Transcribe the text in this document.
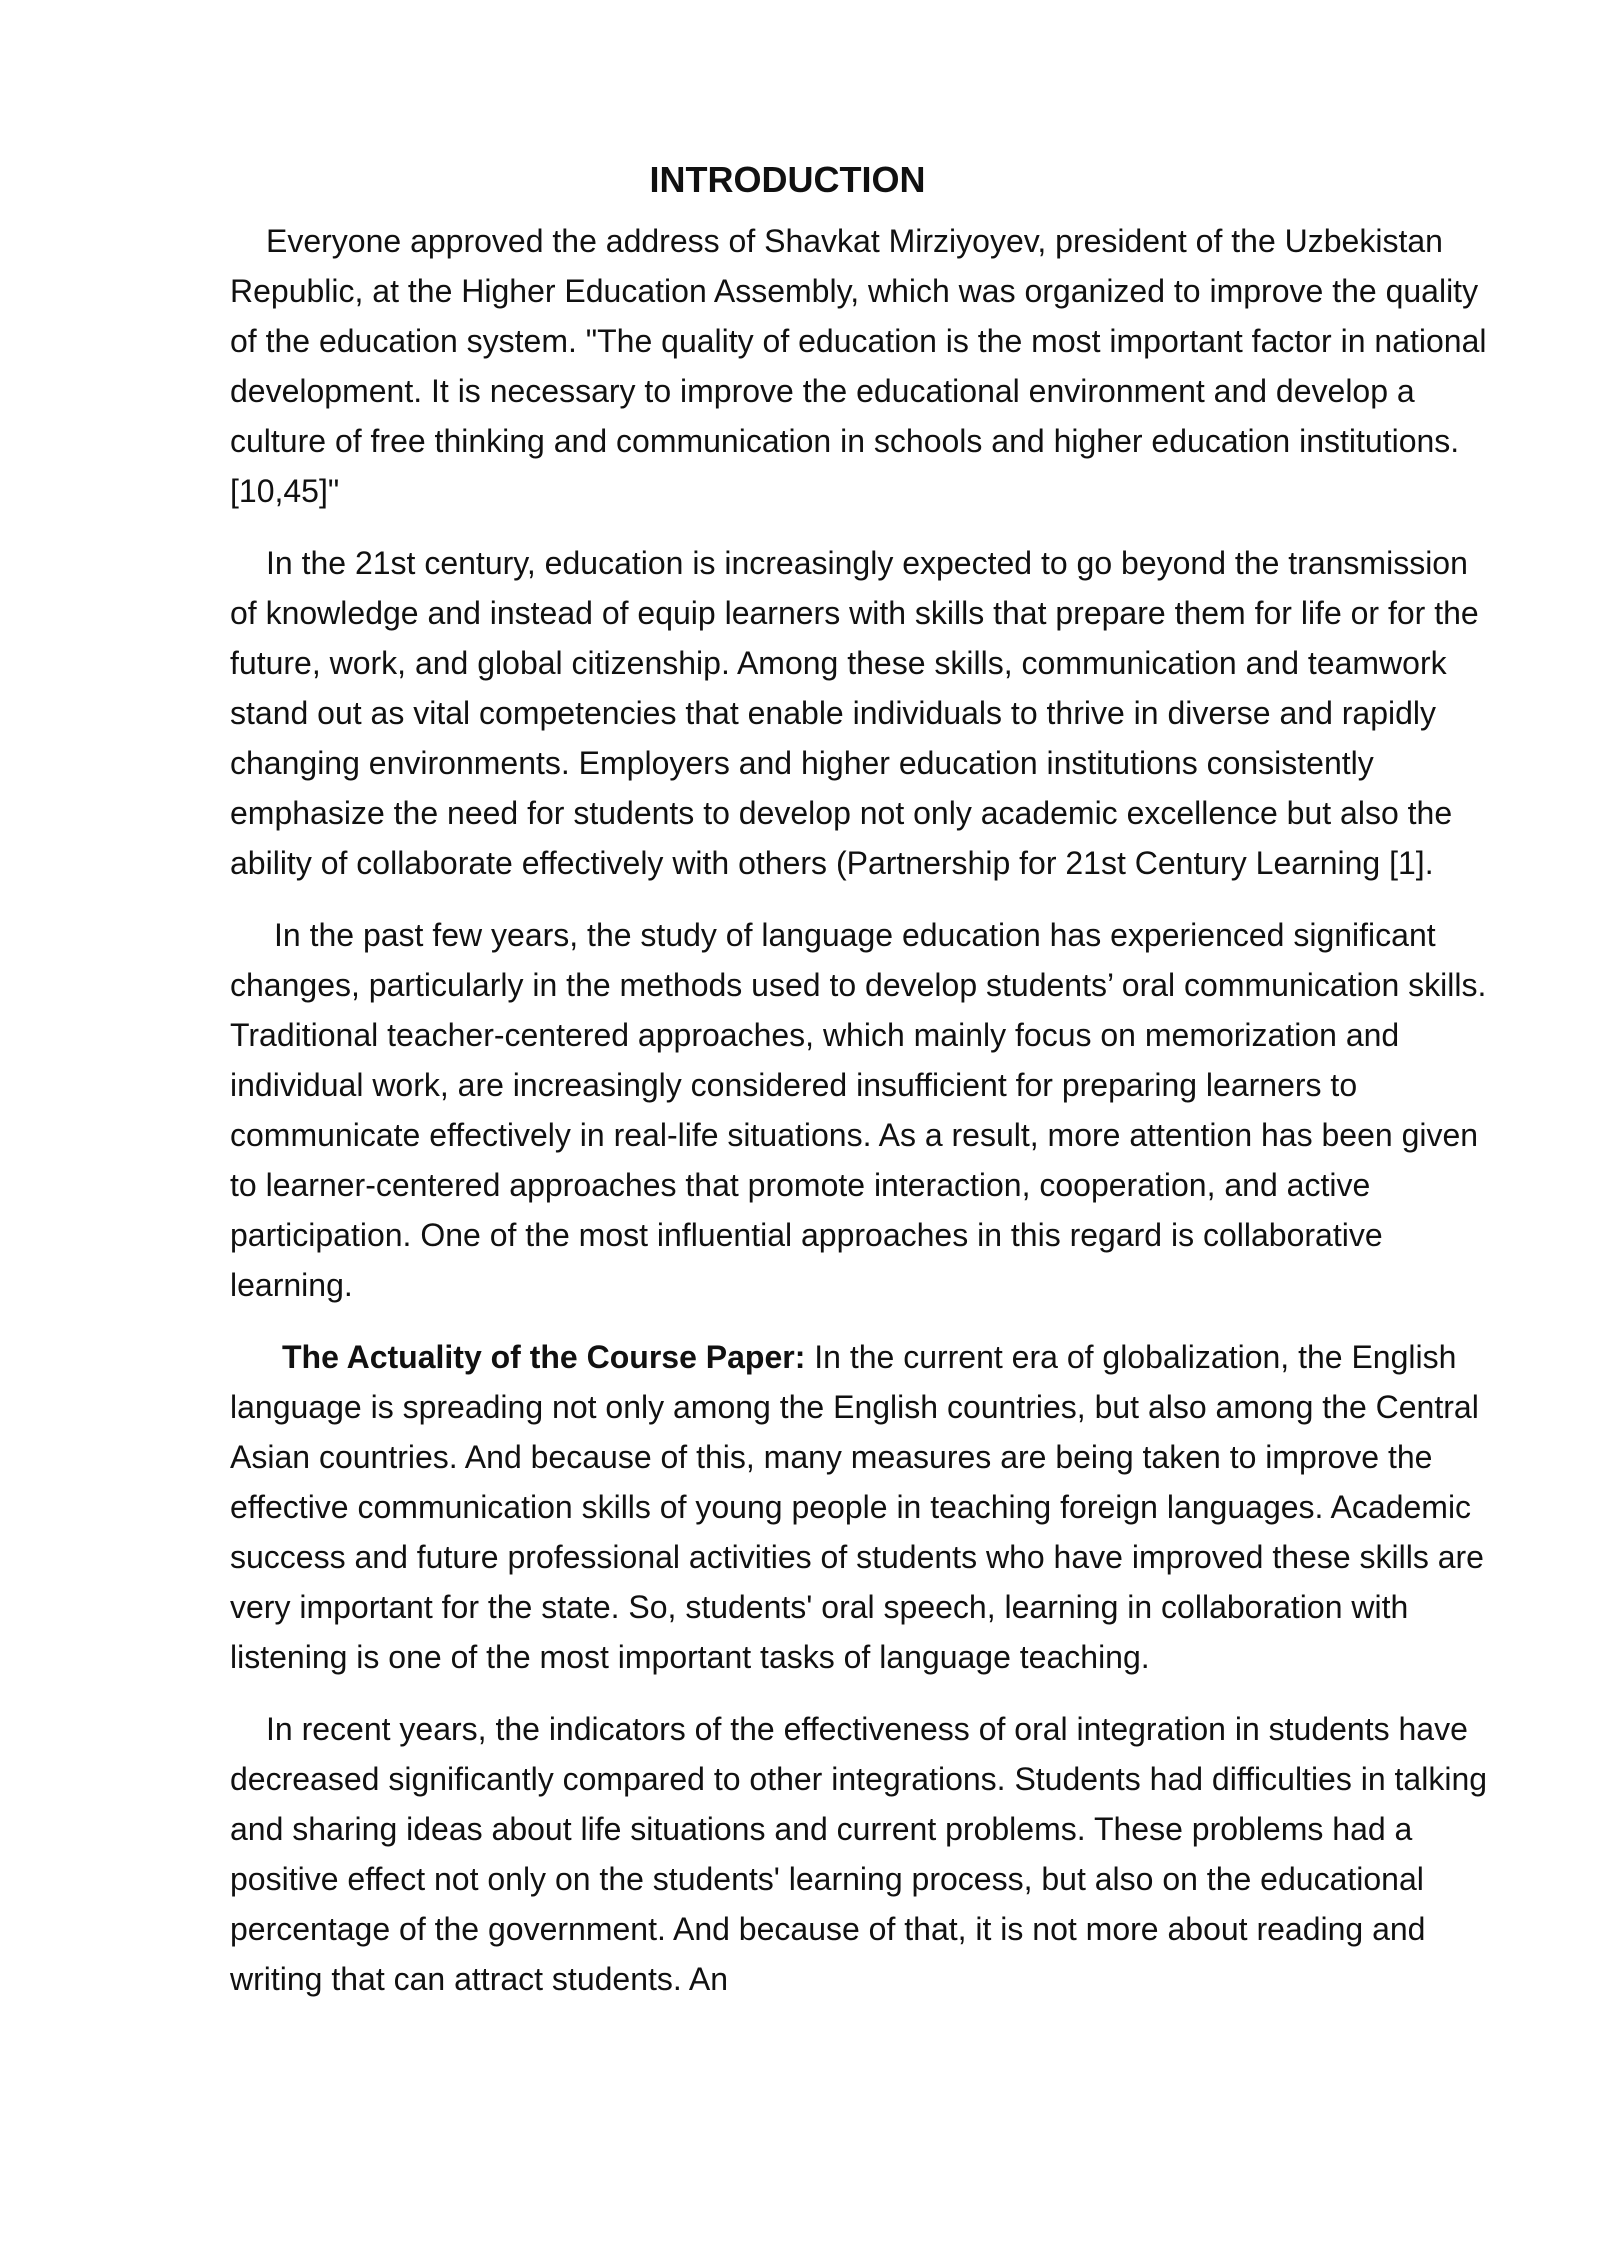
INTRODUCTION

Everyone approved the address of Shavkat Mirziyoyev, president of the Uzbekistan Republic, at the Higher Education Assembly, which was organized to improve the quality of the education system. "The quality of education is the most important factor in national development. It is necessary to improve the educational environment and develop a culture of free thinking and communication in schools and higher education institutions.[10,45]"

In the 21st century, education is increasingly expected to go beyond the transmission of knowledge and instead of equip learners with skills that prepare them for life or for the future, work, and global citizenship. Among these skills, communication and teamwork stand out as vital competencies that enable individuals to thrive in diverse and rapidly changing environments. Employers and higher education institutions consistently emphasize the need for students to develop not only academic excellence but also the ability of collaborate effectively with others (Partnership for 21st Century Learning [1].

In the past few years, the study of language education has experienced significant changes, particularly in the methods used to develop students’ oral communication skills. Traditional teacher-centered approaches, which mainly focus on memorization and individual work, are increasingly considered insufficient for preparing learners to communicate effectively in real-life situations. As a result, more attention has been given to learner-centered approaches that promote interaction, cooperation, and active participation. One of the most influential approaches in this regard is collaborative learning.

The Actuality of the Course Paper: In the current era of globalization, the English language is spreading not only among the English countries, but also among the Central Asian countries. And because of this, many measures are being taken to improve the effective communication skills of young people in teaching foreign languages. Academic success and future professional activities of students who have improved these skills are very important for the state. So, students' oral speech, learning in collaboration with listening is one of the most important tasks of language teaching.

In recent years, the indicators of the effectiveness of oral integration in students have decreased significantly compared to other integrations. Students had difficulties in talking and sharing ideas about life situations and current problems. These problems had a positive effect not only on the students' learning process, but also on the educational percentage of the government. And because of that, it is not more about reading and writing that can attract students. An
